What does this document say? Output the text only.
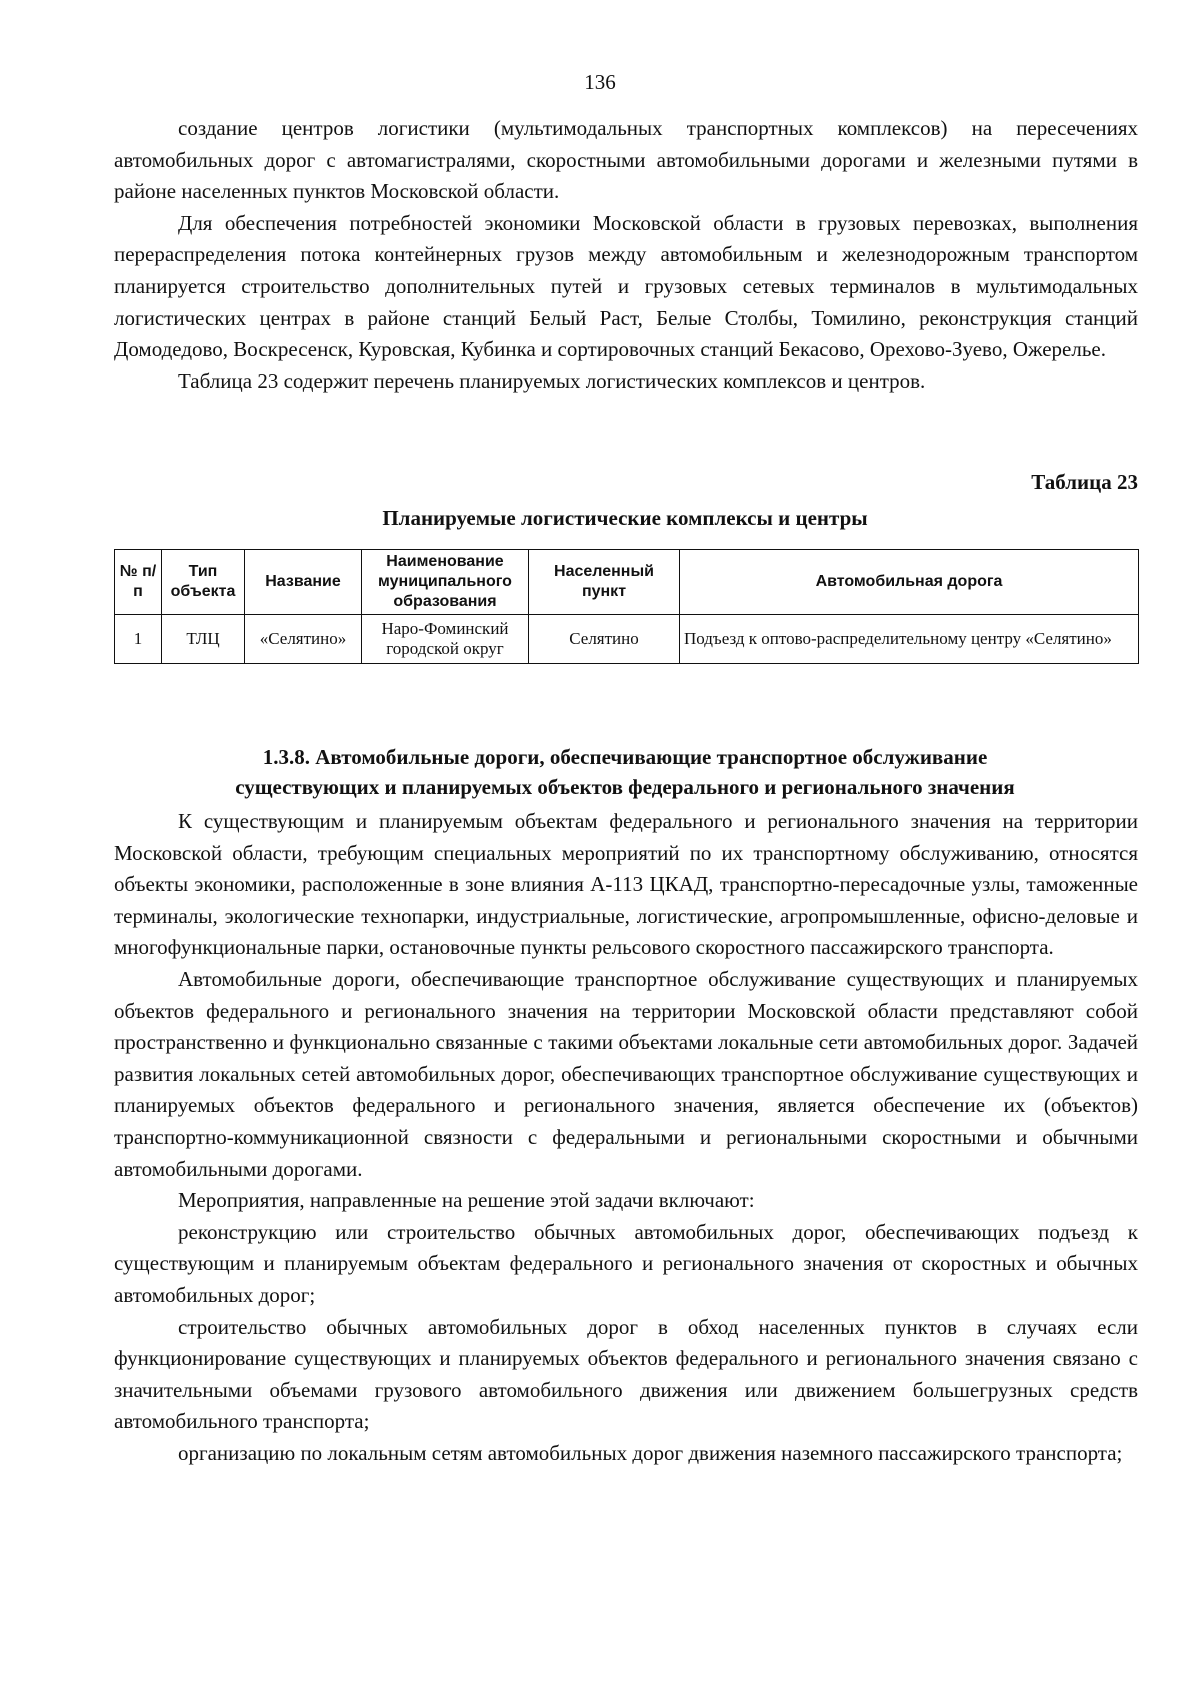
136

создание центров логистики (мультимодальных транспортных комплексов) на пересечениях автомобильных дорог с автомагистралями, скоростными автомобильными дорогами и железными путями в районе населенных пунктов Московской области.

Для обеспечения потребностей экономики Московской области в грузовых перевозках, выполнения перераспределения потока контейнерных грузов между автомобильным и железнодорожным транспортом планируется строительство дополнительных путей и грузовых сетевых терминалов в мультимодальных логистических центрах в районе станций Белый Раст, Белые Столбы, Томилино, реконструкция станций Домодедово, Воскресенск, Куровская, Кубинка и сортировочных станций Бекасово, Орехово-Зуево, Ожерелье.

Таблица 23 содержит перечень планируемых логистических комплексов и центров.

Таблица 23
Планируемые логистические комплексы и центры
№ п/п	Тип объекта	Название	Наименование муниципального образования	Населенный пункт	Автомобильная дорога
1	ТЛЦ	«Селятино»	Наро-Фоминский городской округ	Селятино	Подъезд к оптово-распределительному центру «Селятино»
1.3.8. Автомобильные дороги, обеспечивающие транспортное обслуживание
существующих и планируемых объектов федерального и регионального значения

К существующим и планируемым объектам федерального и регионального значения на территории Московской области, требующим специальных мероприятий по их транспортному обслуживанию, относятся объекты экономики, расположенные в зоне влияния А-113 ЦКАД, транспортно-пересадочные узлы, таможенные терминалы, экологические технопарки, индустриальные, логистические, агропромышленные, офисно-деловые и многофункциональные парки, остановочные пункты рельсового скоростного пассажирского транспорта.

Автомобильные дороги, обеспечивающие транспортное обслуживание существующих и планируемых объектов федерального и регионального значения на территории Московской области представляют собой пространственно и функционально связанные с такими объектами локальные сети автомобильных дорог. Задачей развития локальных сетей автомобильных дорог, обеспечивающих транспортное обслуживание существующих и планируемых объектов федерального и регионального значения, является обеспечение их (объектов) транспортно-коммуникационной связности с федеральными и региональными скоростными и обычными автомобильными дорогами.

Мероприятия, направленные на решение этой задачи включают:

реконструкцию или строительство обычных автомобильных дорог, обеспечивающих подъезд к существующим и планируемым объектам федерального и регионального значения от скоростных и обычных автомобильных дорог;

строительство обычных автомобильных дорог в обход населенных пунктов в случаях если функционирование существующих и планируемых объектов федерального и регионального значения связано с значительными объемами грузового автомобильного движения или движением большегрузных средств автомобильного транспорта;

организацию по локальным сетям автомобильных дорог движения наземного пассажирского транспорта;
